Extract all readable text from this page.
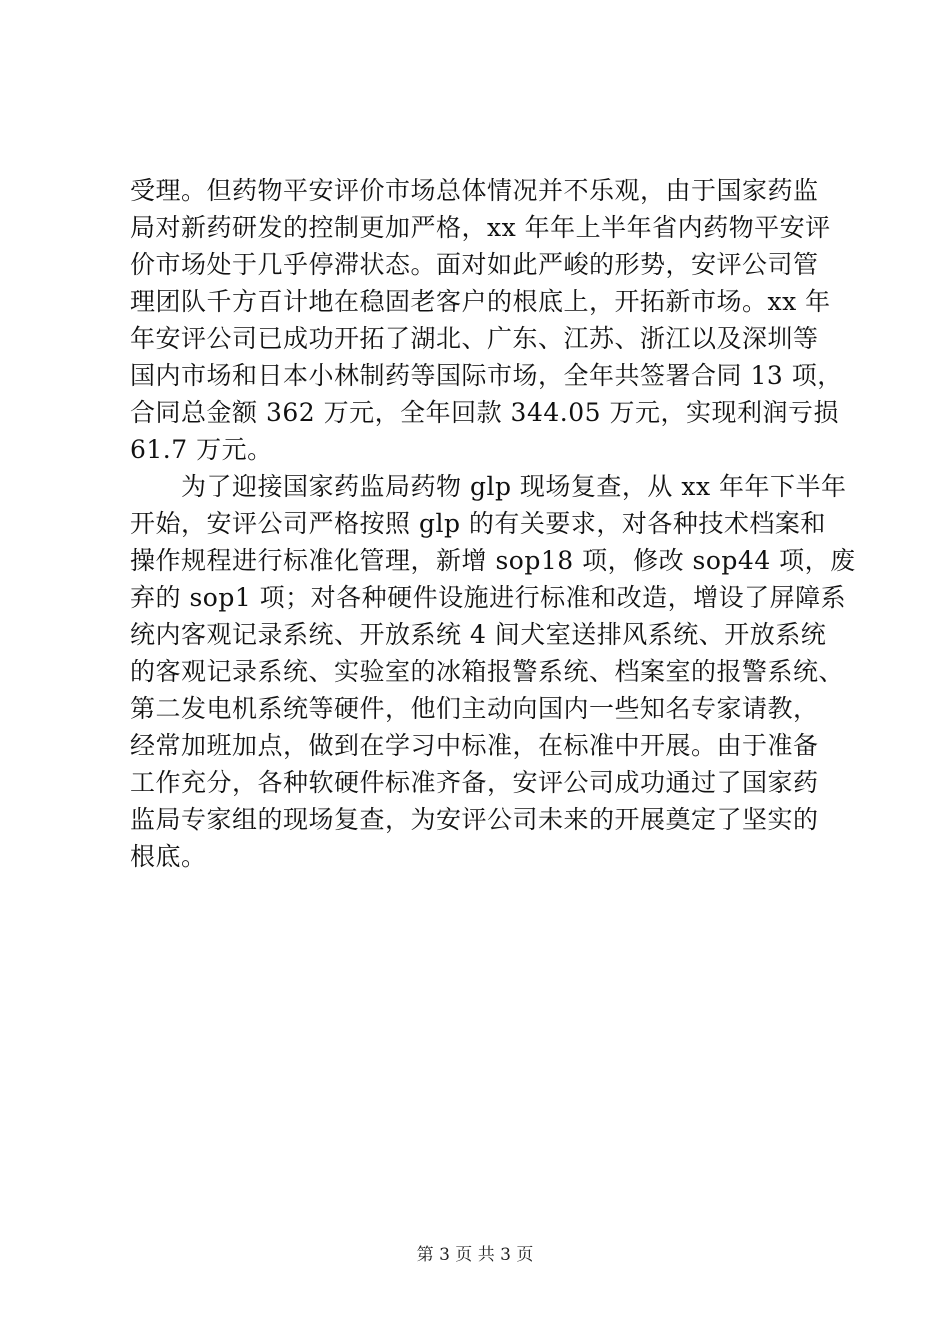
受理。但药物平安评价市场总体情况并不乐观，由于国家药监
局对新药研发的控制更加严格，xx 年年上半年省内药物平安评
价市场处于几乎停滞状态。面对如此严峻的形势，安评公司管
理团队千方百计地在稳固老客户的根底上，开拓新市场。xx 年
年安评公司已成功开拓了湖北、广东、江苏、浙江以及深圳等
国内市场和日本小林制药等国际市场，全年共签署合同 13 项，
合同总金额 362 万元，全年回款 344.05 万元，实现利润亏损
61.7 万元。
　　为了迎接国家药监局药物 glp 现场复查，从 xx 年年下半年
开始，安评公司严格按照 glp 的有关要求，对各种技术档案和
操作规程进行标准化管理，新增 sop18 项，修改 sop44 项，废
弃的 sop1 项；对各种硬件设施进行标准和改造，增设了屏障系
统内客观记录系统、开放系统 4 间犬室送排风系统、开放系统
的客观记录系统、实验室的冰箱报警系统、档案室的报警系统、
第二发电机系统等硬件，他们主动向国内一些知名专家请教，
经常加班加点，做到在学习中标准，在标准中开展。由于准备
工作充分，各种软硬件标准齐备，安评公司成功通过了国家药
监局专家组的现场复查，为安评公司未来的开展奠定了坚实的
根底。
第 3 页 共 3 页
